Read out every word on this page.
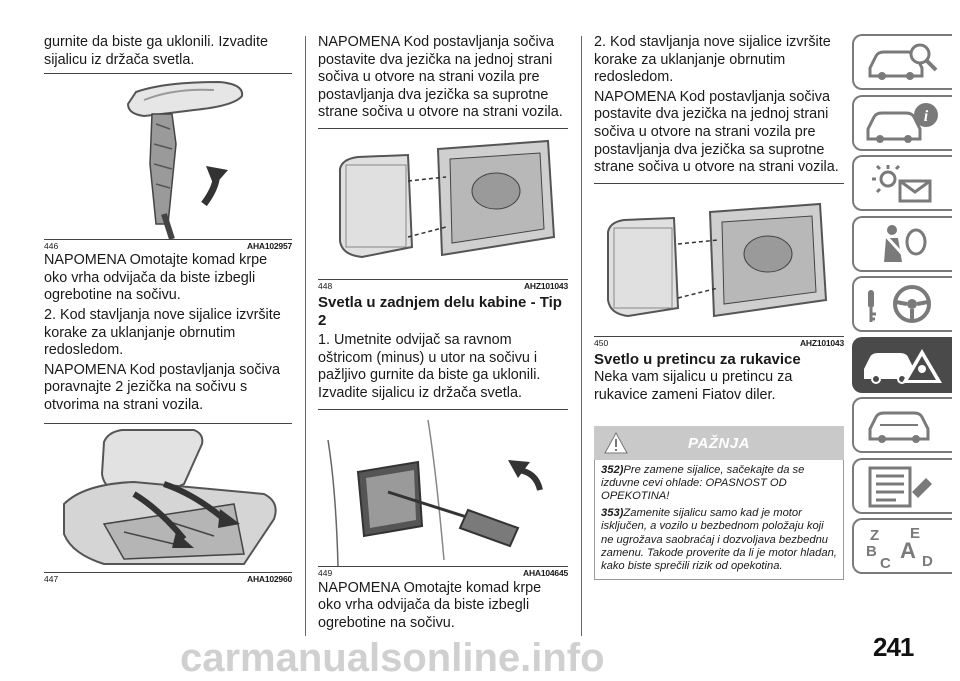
gurnite da biste ga uklonili. Izvadite sijalicu iz držača svetla.

446	AHA102957

NAPOMENA Omotajte komad krpe oko vrha odvijača da biste izbegli ogrebotine na sočivu.

2. Kod stavljanja nove sijalice izvršite korake za uklanjanje obrnutim redosledom.

NAPOMENA Kod postavljanja sočiva poravnajte 2 jezička na sočivu s otvorima na strani vozila.

447	AHA102960

NAPOMENA Kod postavljanja sočiva postavite dva jezička na jednoj strani sočiva u otvore na strani vozila pre postavljanja dva jezička sa suprotne strane sočiva u otvore na strani vozila.

448	AHZ101043

Svetla u zadnjem delu kabine - Tip 2

1. Umetnite odvijač sa ravnom oštricom (minus) u utor na sočivu i pažljivo gurnite da biste ga uklonili. Izvadite sijalicu iz držača svetla.

449	AHA104645

NAPOMENA Omotajte komad krpe oko vrha odvijača da biste izbegli ogrebotine na sočivu.

2. Kod stavljanja nove sijalice izvršite korake za uklanjanje obrnutim redosledom.

NAPOMENA Kod postavljanja sočiva postavite dva jezička na jednoj strani sočiva u otvore na strani vozila pre postavljanja dva jezička sa suprotne strane sočiva u otvore na strani vozila.

450	AHZ101043

Svetlo u pretincu za rukavice

Neka vam sijalicu u pretincu za rukavice zameni Fiatov diler.

PAŽNJA

352)Pre zamene sijalice, sačekajte da se izduvne cevi ohlade: OPASNOST OD OPEKOTINA!

353)Zamenite sijalicu samo kad je motor isključen, a vozilo u bezbednom položaju koji ne ugrožava saobraćaj i dozvoljava bezbednu zamenu. Takode proverite da li je motor hladan, kako biste sprečili rizik od opekotina.

i
Z E
B A
C D
241
carmanualsonline.info
